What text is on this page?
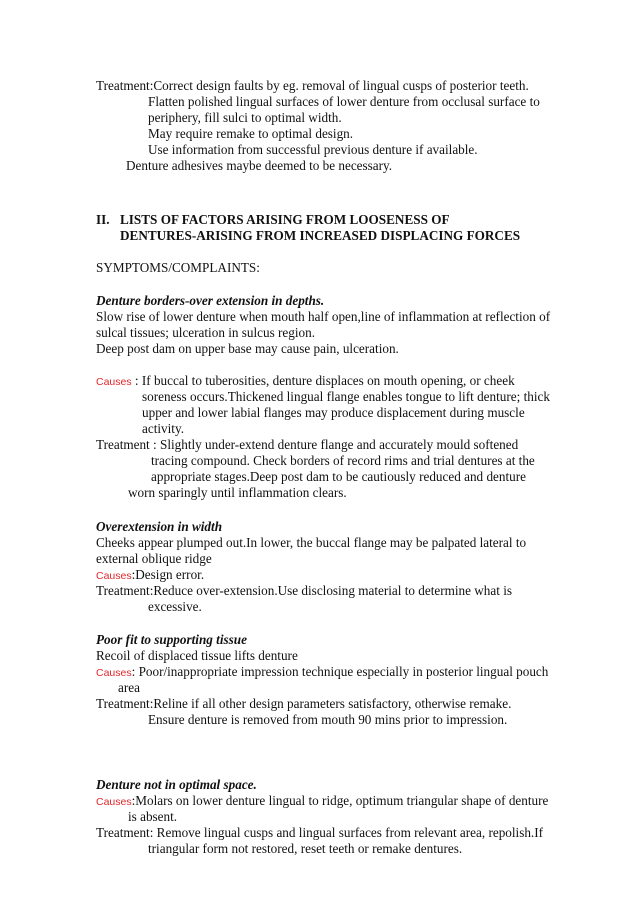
Treatment:Correct design faults by eg. removal of lingual cusps of posterior teeth.
Flatten polished lingual surfaces of lower denture from occlusal surface to
periphery, fill sulci to optimal width.
May require remake to optimal design.
Use information from successful previous denture if available.
Denture adhesives maybe deemed to be necessary.
II. LISTS OF FACTORS ARISING FROM LOOSENESS OF
DENTURES-ARISING FROM INCREASED DISPLACING FORCES
SYMPTOMS/COMPLAINTS:
Denture borders-over extension in depths.
Slow rise of lower denture when mouth half open,line of inflammation at reflection of
sulcal tissues; ulceration in sulcus region.
Deep post dam on upper base may cause pain, ulceration.
Causes : If buccal to tuberosities, denture displaces on mouth opening, or cheek
soreness occurs.Thickened lingual flange enables tongue to lift denture; thick
upper and lower labial flanges may produce displacement during muscle
activity.
Treatment : Slightly under-extend denture flange and accurately mould softened
tracing compound. Check borders of record rims and trial dentures at the
appropriate stages.Deep post dam to be cautiously reduced and denture
worn sparingly until inflammation clears.
Overextension in width
Cheeks appear plumped out.In lower, the buccal flange may be palpated lateral to
external oblique ridge
Causes:Design error.
Treatment:Reduce over-extension.Use disclosing material to determine what is
excessive.
Poor fit to supporting tissue
Recoil of displaced tissue lifts denture
Causes: Poor/inappropriate impression technique especially in posterior lingual pouch
area
Treatment:Reline if all other design parameters satisfactory, otherwise remake.
Ensure denture is removed from mouth 90 mins prior to impression.
Denture not in optimal space.
Causes:Molars on lower denture lingual to ridge, optimum triangular shape of denture
is absent.
Treatment: Remove lingual cusps and lingual surfaces from relevant area, repolish.If
triangular form not restored, reset teeth or remake dentures.
